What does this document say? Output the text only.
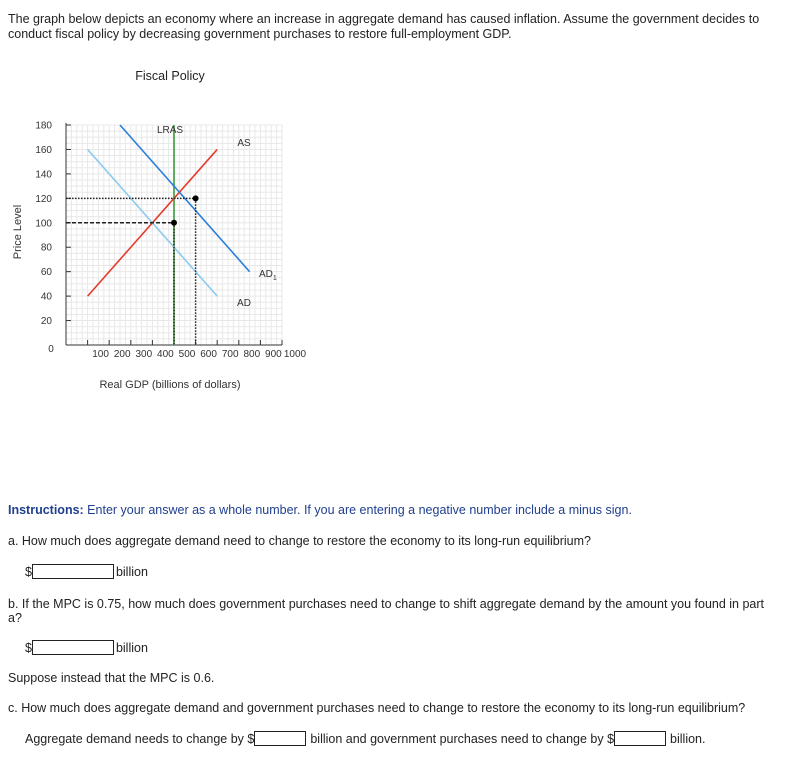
The graph below depicts an economy where an increase in aggregate demand has caused inflation. Assume the government decides to conduct fiscal policy by decreasing government purchases to restore full-employment GDP.
Fiscal Policy
20
40
60
80
100
120
140
160
180
100 200 300 400 500 600 700 800 900 1000
Price Level
Real GDP (billions of dollars)
LRAS
AS
AD
$AD_1$
0
Instructions: Enter your answer as a whole number. If you are entering a negative number include a minus sign.
a. How much does aggregate demand need to change to restore the economy to its long-run equilibrium?
$	billion
b. If the MPC is 0.75, how much does government purchases need to change to shift aggregate demand by the amount you found in part a?
$	billion
Suppose instead that the MPC is 0.6.
c. How much does aggregate demand and government purchases need to change to restore the economy to its long-run equilibrium?
Aggregate demand needs to change by $	billion and government purchases need to change by $	billion.
